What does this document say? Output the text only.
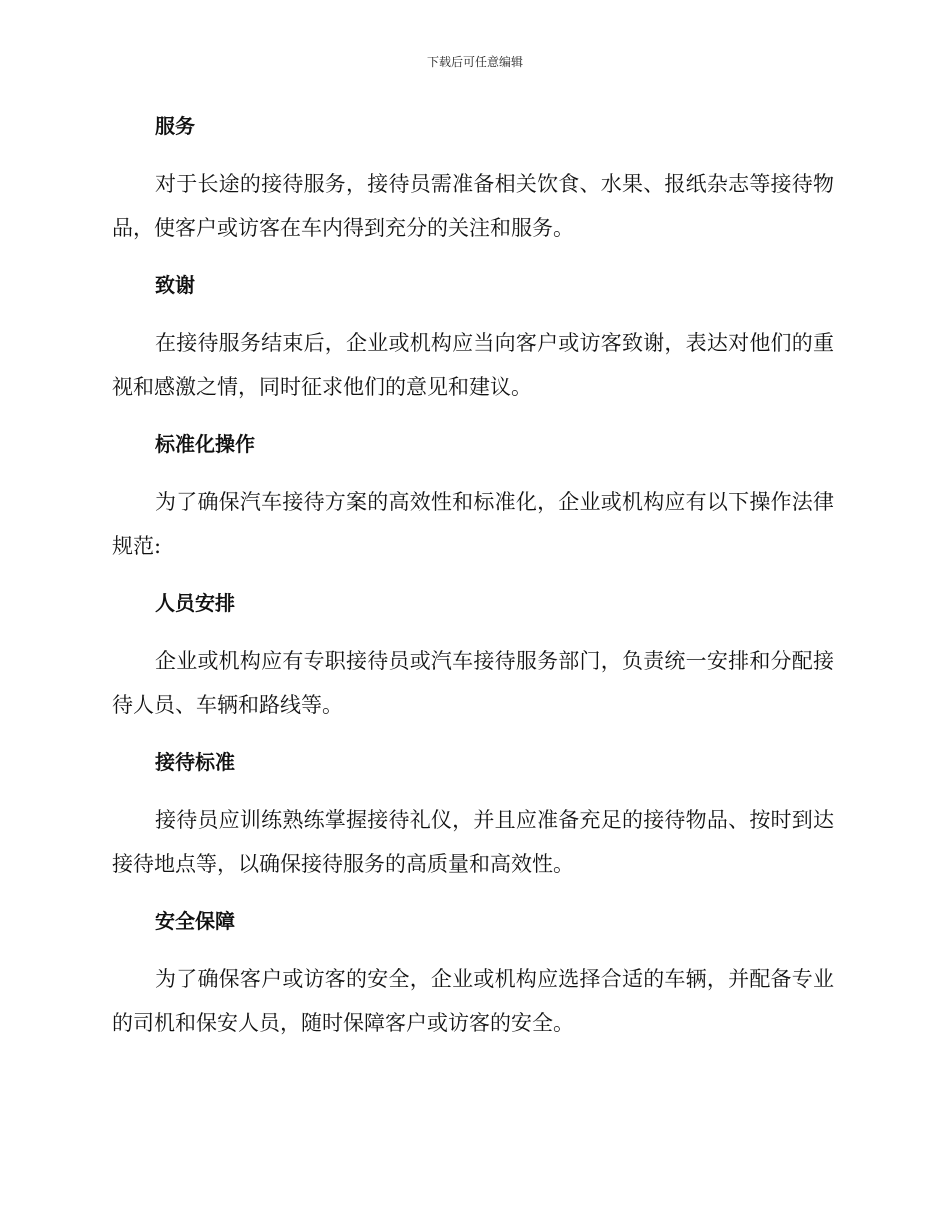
下载后可任意编辑
服务

对于长途的接待服务，接待员需准备相关饮食、水果、报纸杂志等接待物品，使客户或访客在车内得到充分的关注和服务。

致谢

在接待服务结束后，企业或机构应当向客户或访客致谢，表达对他们的重视和感激之情，同时征求他们的意见和建议。

标准化操作

为了确保汽车接待方案的高效性和标准化，企业或机构应有以下操作法律规范:

人员安排

企业或机构应有专职接待员或汽车接待服务部门，负责统一安排和分配接待人员、车辆和路线等。

接待标准

接待员应训练熟练掌握接待礼仪，并且应准备充足的接待物品、按时到达接待地点等，以确保接待服务的高质量和高效性。

安全保障

为了确保客户或访客的安全，企业或机构应选择合适的车辆，并配备专业的司机和保安人员，随时保障客户或访客的安全。
